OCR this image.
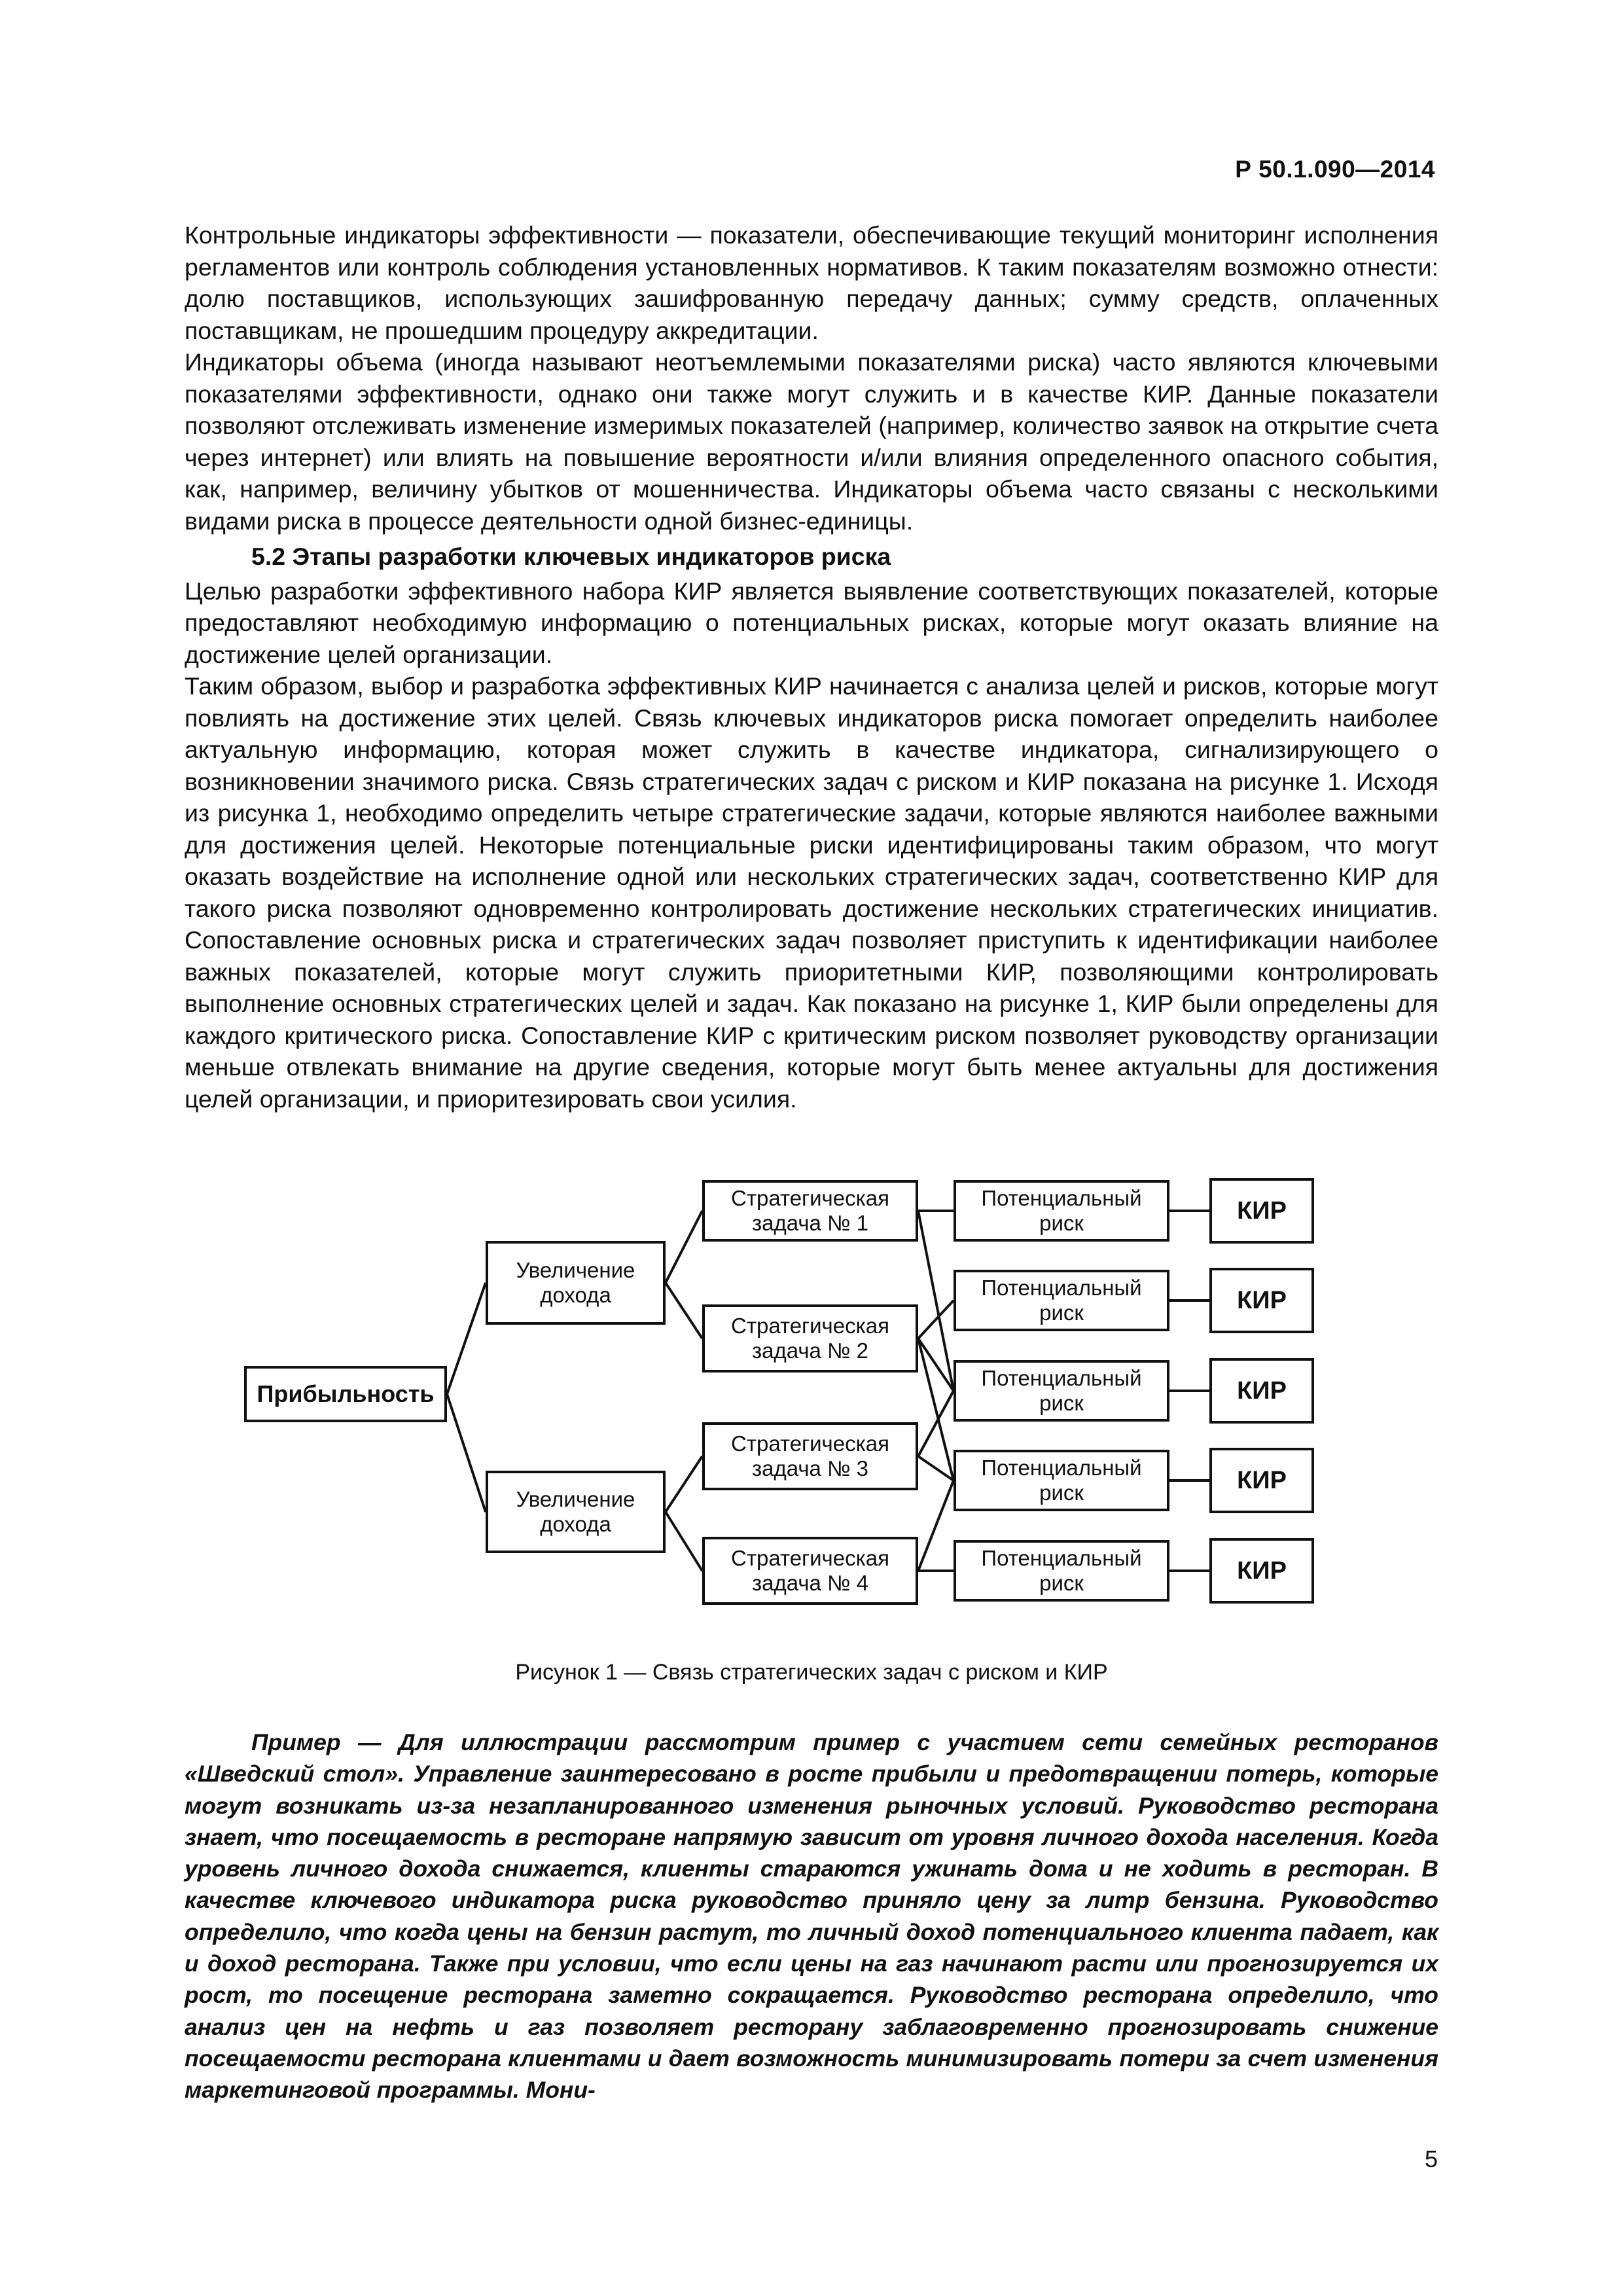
Р 50.1.090—2014

Контрольные индикаторы эффективности — показатели, обеспечивающие текущий мониторинг исполнения регламентов или контроль соблюдения установленных нормативов. К таким показателям возможно отнести: долю поставщиков, использующих зашифрованную передачу данных; сумму средств, оплаченных поставщикам, не прошедшим процедуру аккредитации.

Индикаторы объема (иногда называют неотъемлемыми показателями риска) часто являются ключевыми показателями эффективности, однако они также могут служить и в качестве КИР. Данные показатели позволяют отслеживать изменение измеримых показателей (например, количество заявок на открытие счета через интернет) или влиять на повышение вероятности и/или влияния определенного опасного события, как, например, величину убытков от мошенничества. Индикаторы объема часто связаны с несколькими видами риска в процессе деятельности одной бизнес-единицы.

5.2 Этапы разработки ключевых индикаторов риска

Целью разработки эффективного набора КИР является выявление соответствующих показателей, которые предоставляют необходимую информацию о потенциальных рисках, которые могут оказать влияние на достижение целей организации.

Таким образом, выбор и разработка эффективных КИР начинается с анализа целей и рисков, которые могут повлиять на достижение этих целей. Связь ключевых индикаторов риска помогает определить наиболее актуальную информацию, которая может служить в качестве индикатора, сигнализирующего о возникновении значимого риска. Связь стратегических задач с риском и КИР показана на рисунке 1. Исходя из рисунка 1, необходимо определить четыре стратегические задачи, которые являются наиболее важными для достижения целей. Некоторые потенциальные риски идентифицированы таким образом, что могут оказать воздействие на исполнение одной или нескольких стратегических задач, соответственно КИР для такого риска позволяют одновременно контролировать достижение нескольких стратегических инициатив. Сопоставление основных риска и стратегических задач позволяет приступить к идентификации наиболее важных показателей, которые могут служить приоритетными КИР, позволяющими контролировать выполнение основных стратегических целей и задач. Как показано на рисунке 1, КИР были определены для каждого критического риска. Сопоставление КИР с критическим риском позволяет руководству организации меньше отвлекать внимание на другие сведения, которые могут быть менее актуальны для достижения целей организации, и приоритезировать свои усилия.

Прибыльность
Увеличение дохода
Увеличение дохода
Стратегическая задача № 1
Стратегическая задача № 2
Стратегическая задача № 3
Стратегическая задача № 4
Потенциальный риск
Потенциальный риск
Потенциальный риск
Потенциальный риск
Потенциальный риск
КИР
КИР
КИР
КИР
КИР
Рисунок 1 — Связь стратегических задач с риском и КИР
Пример — Для иллюстрации рассмотрим пример с участием сети семейных ресторанов «Шведский стол». Управление заинтересовано в росте прибыли и предотвращении потерь, которые могут возникать из-за незапланированного изменения рыночных условий. Руководство ресторана знает, что посещаемость в ресторане напрямую зависит от уровня личного дохода населения. Когда уровень личного дохода снижается, клиенты стараются ужинать дома и не ходить в ресторан. В качестве ключевого индикатора риска руководство приняло цену за литр бензина. Руководство определило, что когда цены на бензин растут, то личный доход потенциального клиента падает, как и доход ресторана. Также при условии, что если цены на газ начинают расти или прогнозируется их рост, то посещение ресторана заметно сокращается. Руководство ресторана определило, что анализ цен на нефть и газ позволяет ресторану заблаговременно прогнозировать снижение посещаемости ресторана клиентами и дает возможность минимизировать потери за счет изменения маркетинговой программы. Мони-
5
